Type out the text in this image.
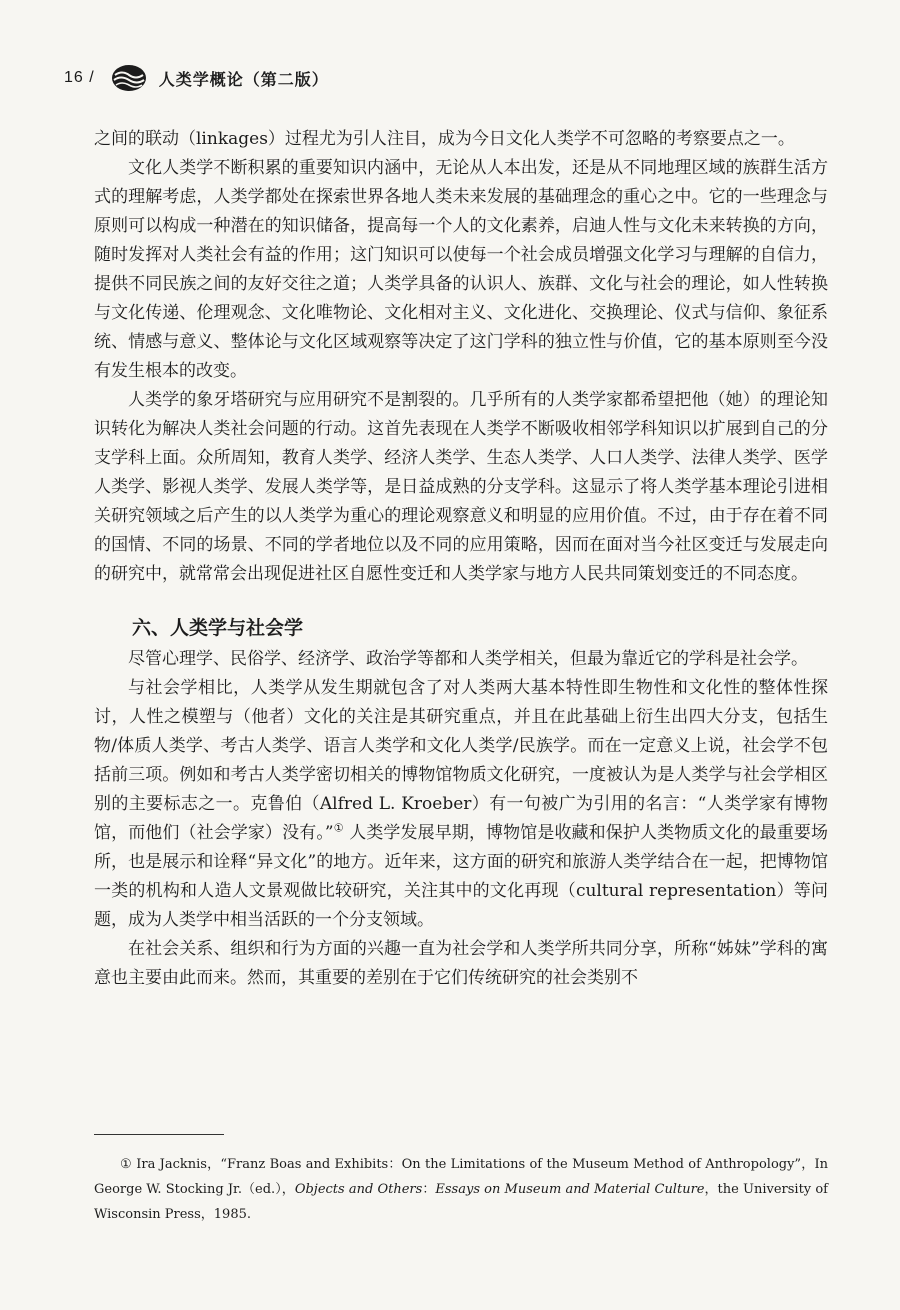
16 /	人类学概论（第二版）

之间的联动（linkages）过程尤为引人注目，成为今日文化人类学不可忽略的考察要点之一。

文化人类学不断积累的重要知识内涵中，无论从人本出发，还是从不同地理区域的族群生活方式的理解考虑，人类学都处在探索世界各地人类未来发展的基础理念的重心之中。它的一些理念与原则可以构成一种潜在的知识储备，提高每一个人的文化素养，启迪人性与文化未来转换的方向，随时发挥对人类社会有益的作用；这门知识可以使每一个社会成员增强文化学习与理解的自信力，提供不同民族之间的友好交往之道；人类学具备的认识人、族群、文化与社会的理论，如人性转换与文化传递、伦理观念、文化唯物论、文化相对主义、文化进化、交换理论、仪式与信仰、象征系统、情感与意义、整体论与文化区域观察等决定了这门学科的独立性与价值，它的基本原则至今没有发生根本的改变。

人类学的象牙塔研究与应用研究不是割裂的。几乎所有的人类学家都希望把他（她）的理论知识转化为解决人类社会问题的行动。这首先表现在人类学不断吸收相邻学科知识以扩展到自己的分支学科上面。众所周知，教育人类学、经济人类学、生态人类学、人口人类学、法律人类学、医学人类学、影视人类学、发展人类学等，是日益成熟的分支学科。这显示了将人类学基本理论引进相关研究领域之后产生的以人类学为重心的理论观察意义和明显的应用价值。不过，由于存在着不同的国情、不同的场景、不同的学者地位以及不同的应用策略，因而在面对当今社区变迁与发展走向的研究中，就常常会出现促进社区自愿性变迁和人类学家与地方人民共同策划变迁的不同态度。

六、人类学与社会学

尽管心理学、民俗学、经济学、政治学等都和人类学相关，但最为靠近它的学科是社会学。

与社会学相比，人类学从发生期就包含了对人类两大基本特性即生物性和文化性的整体性探讨，人性之模塑与（他者）文化的关注是其研究重点，并且在此基础上衍生出四大分支，包括生物/体质人类学、考古人类学、语言人类学和文化人类学/民族学。而在一定意义上说，社会学不包括前三项。例如和考古人类学密切相关的博物馆物质文化研究，一度被认为是人类学与社会学相区别的主要标志之一。克鲁伯（Alfred L. Kroeber）有一句被广为引用的名言：“人类学家有博物馆，而他们（社会学家）没有。”① 人类学发展早期，博物馆是收藏和保护人类物质文化的最重要场所，也是展示和诠释“异文化”的地方。近年来，这方面的研究和旅游人类学结合在一起，把博物馆一类的机构和人造人文景观做比较研究，关注其中的文化再现（cultural representation）等问题，成为人类学中相当活跃的一个分支领域。

在社会关系、组织和行为方面的兴趣一直为社会学和人类学所共同分享，所称“姊妹”学科的寓意也主要由此而来。然而，其重要的差别在于它们传统研究的社会类别不

① Ira Jacknis，“Franz Boas and Exhibits：On the Limitations of the Museum Method of Anthropology”，In George W. Stocking Jr.（ed.），Objects and Others：Essays on Museum and Material Culture，the University of Wisconsin Press，1985.
